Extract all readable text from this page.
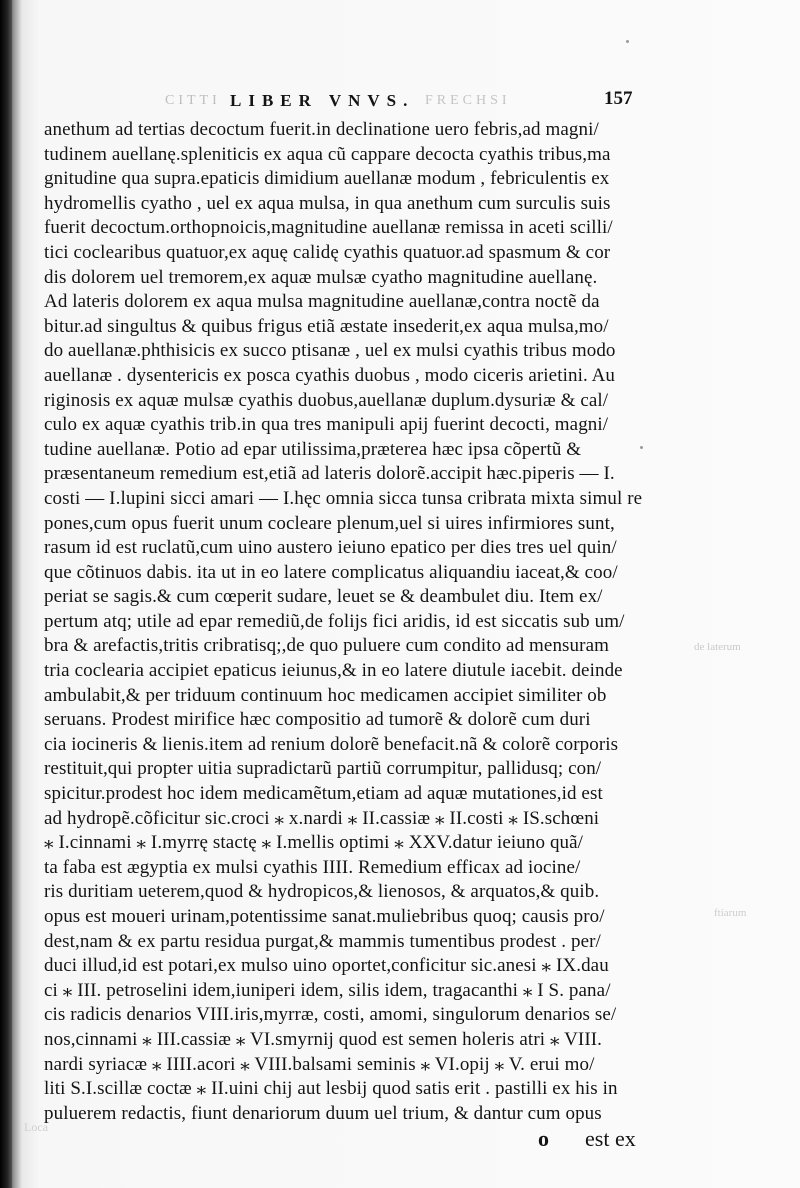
CITTI LIBER VNVS. FRECHSI	157
anethum ad tertias decoctum fuerit.in declinatione uero febris,ad magni/
tudinem auellanę.spleniticis ex aqua cũ cappare decocta cyathis tribus,ma
gnitudine qua supra.epaticis dimidium auellanæ modum , febriculentis ex
hydromellis cyatho , uel ex aqua mulsa, in qua anethum cum surculis suis
fuerit decoctum.orthopnoicis,magnitudine auellanæ remissa in aceti scilli/
tici coclearibus quatuor,ex aquę calidę cyathis quatuor.ad spasmum & cor
dis dolorem uel tremorem,ex aquæ mulsæ cyatho magnitudine auellanę.
Ad lateris dolorem ex aqua mulsa magnitudine auellanæ,contra noctẽ da
bitur.ad singultus & quibus frigus etiã æstate insederit,ex aqua mulsa,mo/
do auellanæ.phthisicis ex succo ptisanæ , uel ex mulsi cyathis tribus modo
auellanæ . dysentericis ex posca cyathis duobus , modo ciceris arietini. Au
riginosis ex aquæ mulsæ cyathis duobus,auellanæ duplum.dysuriæ & cal/
culo ex aquæ cyathis trib.in qua tres manipuli apij fuerint decocti, magni/
tudine auellanæ. Potio ad epar utilissima,præterea hæc ipsa cõpertũ &
præsentaneum remedium est,etiã ad lateris dolorẽ.accipit hæc.piperis — I.
costi — I.lupini sicci amari — I.hęc omnia sicca tunsa cribrata mixta simul re
pones,cum opus fuerit unum cocleare plenum,uel si uires infirmiores sunt,
rasum id est ruclatũ,cum uino austero ieiuno epatico per dies tres uel quin/
que cõtinuos dabis. ita ut in eo latere complicatus aliquandiu iaceat,& coo/
periat se sagis.& cum cœperit sudare, leuet se & deambulet diu. Item ex/
pertum atq; utile ad epar remediũ,de folijs fici aridis, id est siccatis sub um/
bra & arefactis,tritis cribratisq;,de quo puluere cum condito ad mensuram
tria coclearia accipiet epaticus ieiunus,& in eo latere diutule iacebit. deinde
ambulabit,& per triduum continuum hoc medicamen accipiet similiter ob
seruans. Prodest mirifice hæc compositio ad tumorẽ & dolorẽ cum duri
cia iocineris & lienis.item ad renium dolorẽ benefacit.nã & colorẽ corporis
restituit,qui propter uitia supradictarũ partiũ corrumpitur, pallidusq; con/
spicitur.prodest hoc idem medicamẽtum,etiam ad aquæ mutationes,id est
ad hydropẽ.cõficitur sic.croci ⁎ x.nardi ⁎ II.cassiæ ⁎ II.costi ⁎ IS.schœni
⁎ I.cinnami ⁎ I.myrrę stactę ⁎ I.mellis optimi ⁎ XXV.datur ieiuno quã/
ta faba est ægyptia ex mulsi cyathis IIII. Remedium efficax ad iocine/
ris duritiam ueterem,quod & hydropicos,& lienosos, & arquatos,& quib.
opus est moueri urinam,potentissime sanat.muliebribus quoq; causis pro/
dest,nam & ex partu residua purgat,& mammis tumentibus prodest . per/
duci illud,id est potari,ex mulso uino oportet,conficitur sic.anesi ⁎ IX.dau
ci ⁎ III. petroselini idem,iuniperi idem, silis idem, tragacanthi ⁎ I S. pana/
cis radicis denarios VIII.iris,myrræ, costi, amomi, singulorum denarios se/
nos,cinnami ⁎ III.cassiæ ⁎ VI.smyrnij quod est semen holeris atri ⁎ VIII.
nardi syriacæ ⁎ IIII.acori ⁎ VIII.balsami seminis ⁎ VI.opij ⁎ V. erui mo/
liti S.I.scillæ coctæ ⁎ II.uini chij aut lesbij quod satis erit . pastilli ex his in
puluerem redactis, fiunt denariorum duum uel trium, & dantur cum opus
de laterum
ftiarum
Loca	o est ex
